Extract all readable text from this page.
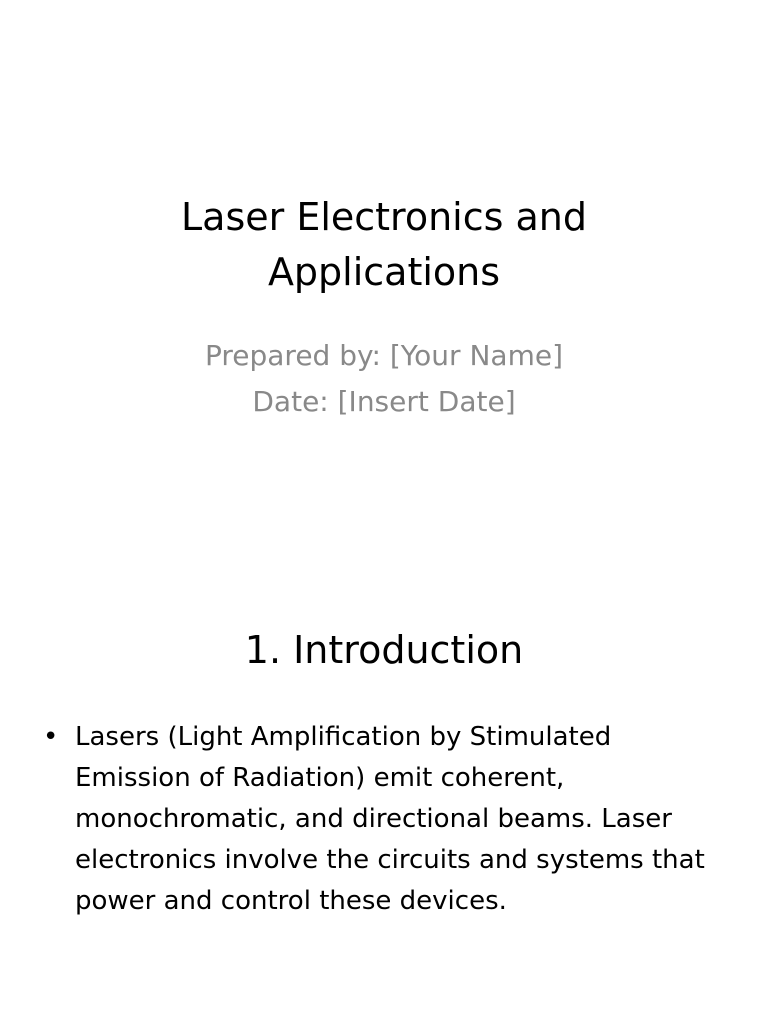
Laser Electronics and
Applications
Prepared by: [Your Name]
Date: [Insert Date]
1. Introduction
• Lasers (Light Amplification by Stimulated Emission of Radiation) emit coherent, monochromatic, and directional beams. Laser electronics involve the circuits and systems that power and control these devices.
